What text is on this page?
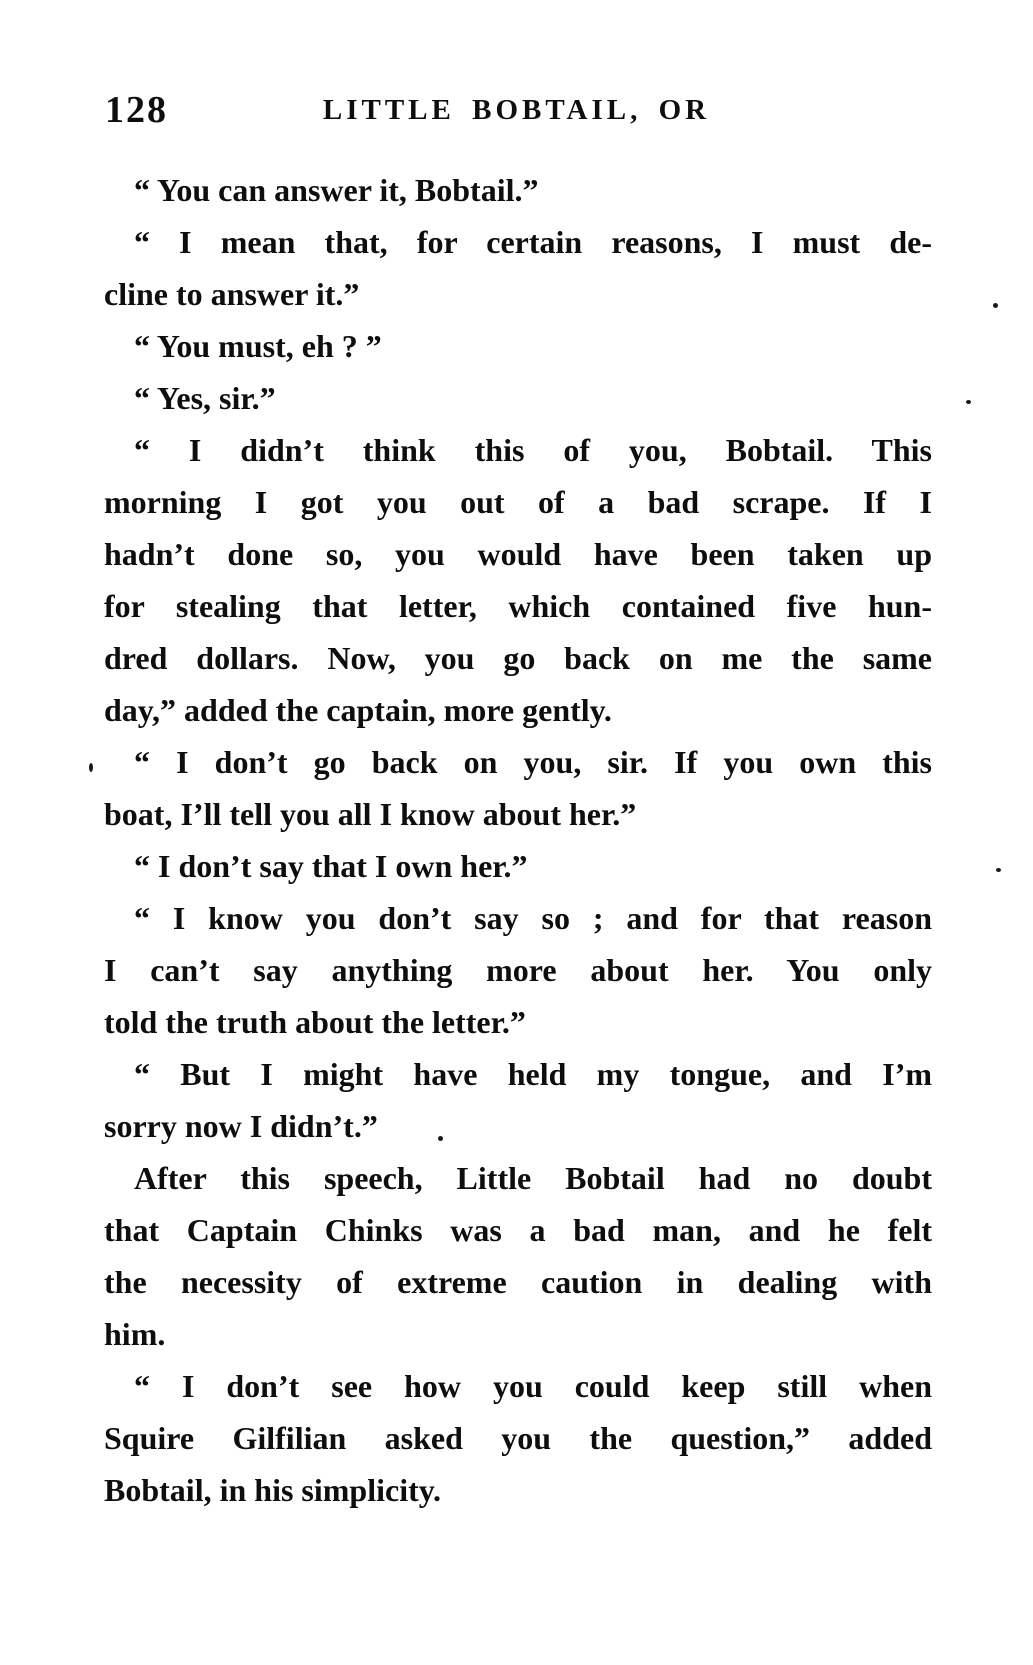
128	LITTLE BOBTAIL, OR
“ You can answer it, Bobtail.”
“ I mean that, for certain reasons, I must de-
cline to answer it.”
“ You must, eh ? ”
“ Yes, sir.”
“ I didn’t think this of you, Bobtail. This
morning I got you out of a bad scrape. If I
hadn’t done so, you would have been taken up
for stealing that letter, which contained five hun-
dred dollars. Now, you go back on me the same
day,” added the captain, more gently.
“ I don’t go back on you, sir. If you own this
boat, I’ll tell you all I know about her.”
“ I don’t say that I own her.”
“ I know you don’t say so ; and for that reason
I can’t say anything more about her. You only
told the truth about the letter.”
“ But I might have held my tongue, and I’m
sorry now I didn’t.”
After this speech, Little Bobtail had no doubt
that Captain Chinks was a bad man, and he felt
the necessity of extreme caution in dealing with
him.
“ I don’t see how you could keep still when
Squire Gilfilian asked you the question,” added
Bobtail, in his simplicity.
